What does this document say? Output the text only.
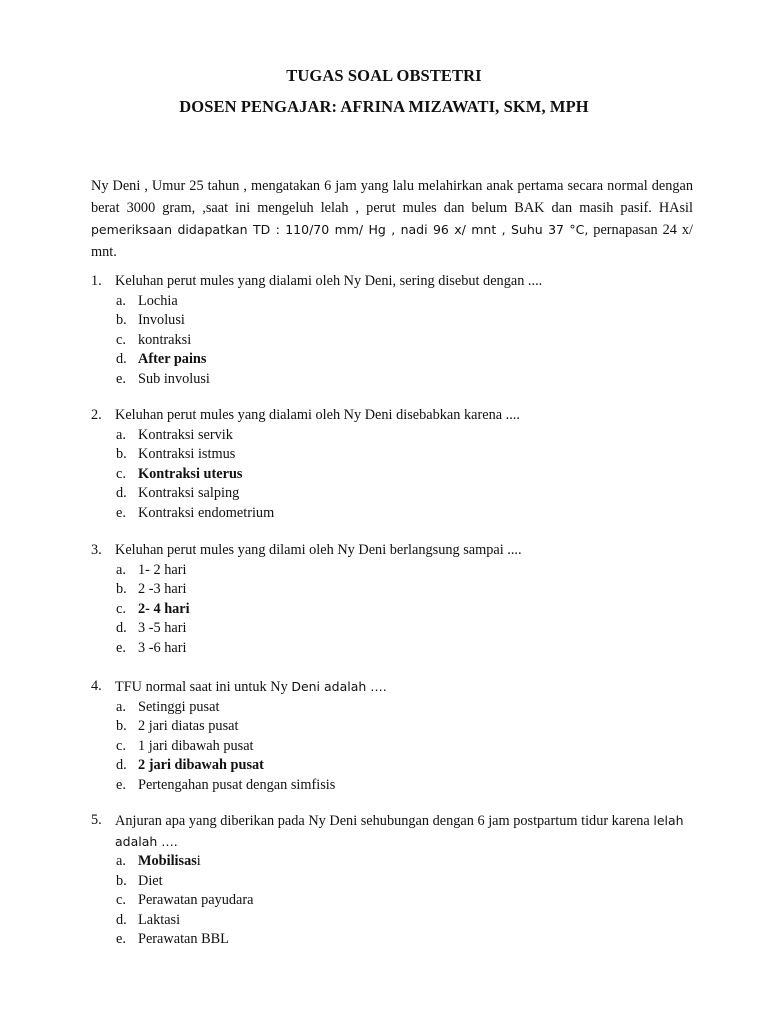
TUGAS SOAL OBSTETRI
DOSEN PENGAJAR: AFRINA MIZAWATI, SKM, MPH

Ny Deni , Umur 25 tahun , mengatakan 6 jam yang lalu melahirkan anak pertama secara normal dengan berat 3000 gram, ,saat ini mengeluh lelah , perut mules dan belum BAK dan masih pasif. HAsil pemeriksaan didapatkan TD : 110/70 mm/ Hg , nadi 96 x/ mnt , Suhu 37 °C, pernapasan 24 x/ mnt.

1. Keluhan perut mules yang dialami oleh Ny Deni, sering disebut dengan ....
a. Lochia
b. Involusi
c. kontraksi
d. After pains
e. Sub involusi
2. Keluhan perut mules yang dialami oleh Ny Deni disebabkan karena ....
a. Kontraksi servik
b. Kontraksi istmus
c. Kontraksi uterus
d. Kontraksi salping
e. Kontraksi endometrium
3. Keluhan perut mules yang dilami oleh Ny Deni berlangsung sampai ....
a. 1- 2 hari
b. 2 -3 hari
c. 2- 4 hari
d. 3 -5 hari
e. 3 -6 hari
4. TFU normal saat ini untuk Ny Deni adalah ….
a. Setinggi pusat
b. 2 jari diatas pusat
c. 1 jari dibawah pusat
d. 2 jari dibawah pusat
e. Pertengahan pusat dengan simfisis
5. Anjuran apa yang diberikan pada Ny Deni sehubungan dengan 6 jam postpartum tidur karena lelah adalah ….
a. Mobilisasi
b. Diet
c. Perawatan payudara
d. Laktasi
e. Perawatan BBL
